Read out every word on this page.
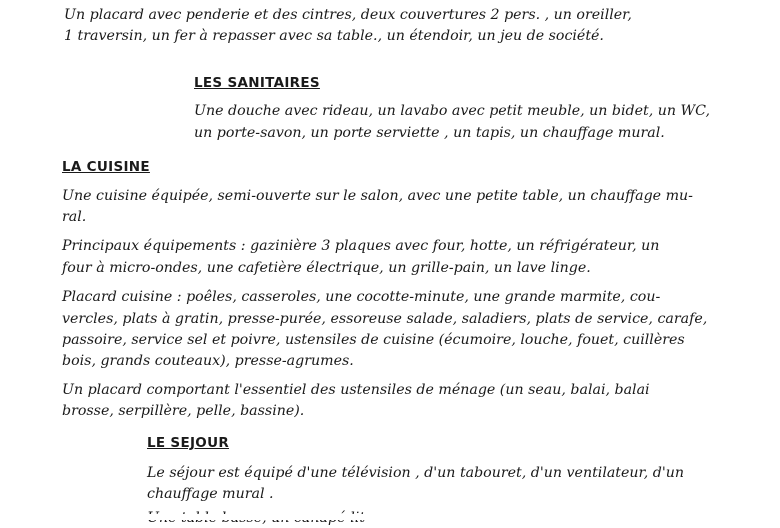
Un placard avec penderie et des cintres, deux couvertures 2 pers. , un oreiller,
1 traversin, un fer à repasser avec sa table., un étendoir, un jeu de société.
LES SANITAIRES
Une douche avec rideau, un lavabo avec petit meuble, un bidet, un WC,
un porte-savon, un porte serviette , un tapis, un chauffage mural.
LA CUISINE
Une cuisine équipée, semi-ouverte sur le salon, avec une petite table, un chauffage mu-
ral.
Principaux équipements : gazinière 3 plaques avec four, hotte, un réfrigérateur, un
four à micro-ondes, une cafetière électrique, un grille-pain, un lave linge.
Placard cuisine : poêles, casseroles, une cocotte-minute, une grande marmite, cou-
vercles, plats à gratin, presse-purée, essoreuse salade, saladiers, plats de service, carafe,
passoire, service sel et poivre, ustensiles de cuisine (écumoire, louche, fouet, cuillères
bois, grands couteaux), presse-agrumes.
Un placard comportant l'essentiel des ustensiles de ménage (un seau, balai, balai
brosse, serpillère, pelle, bassine).
LE SEJOUR
Le séjour est équipé d'une télévision , d'un tabouret, d'un ventilateur, d'un
chauffage mural .
